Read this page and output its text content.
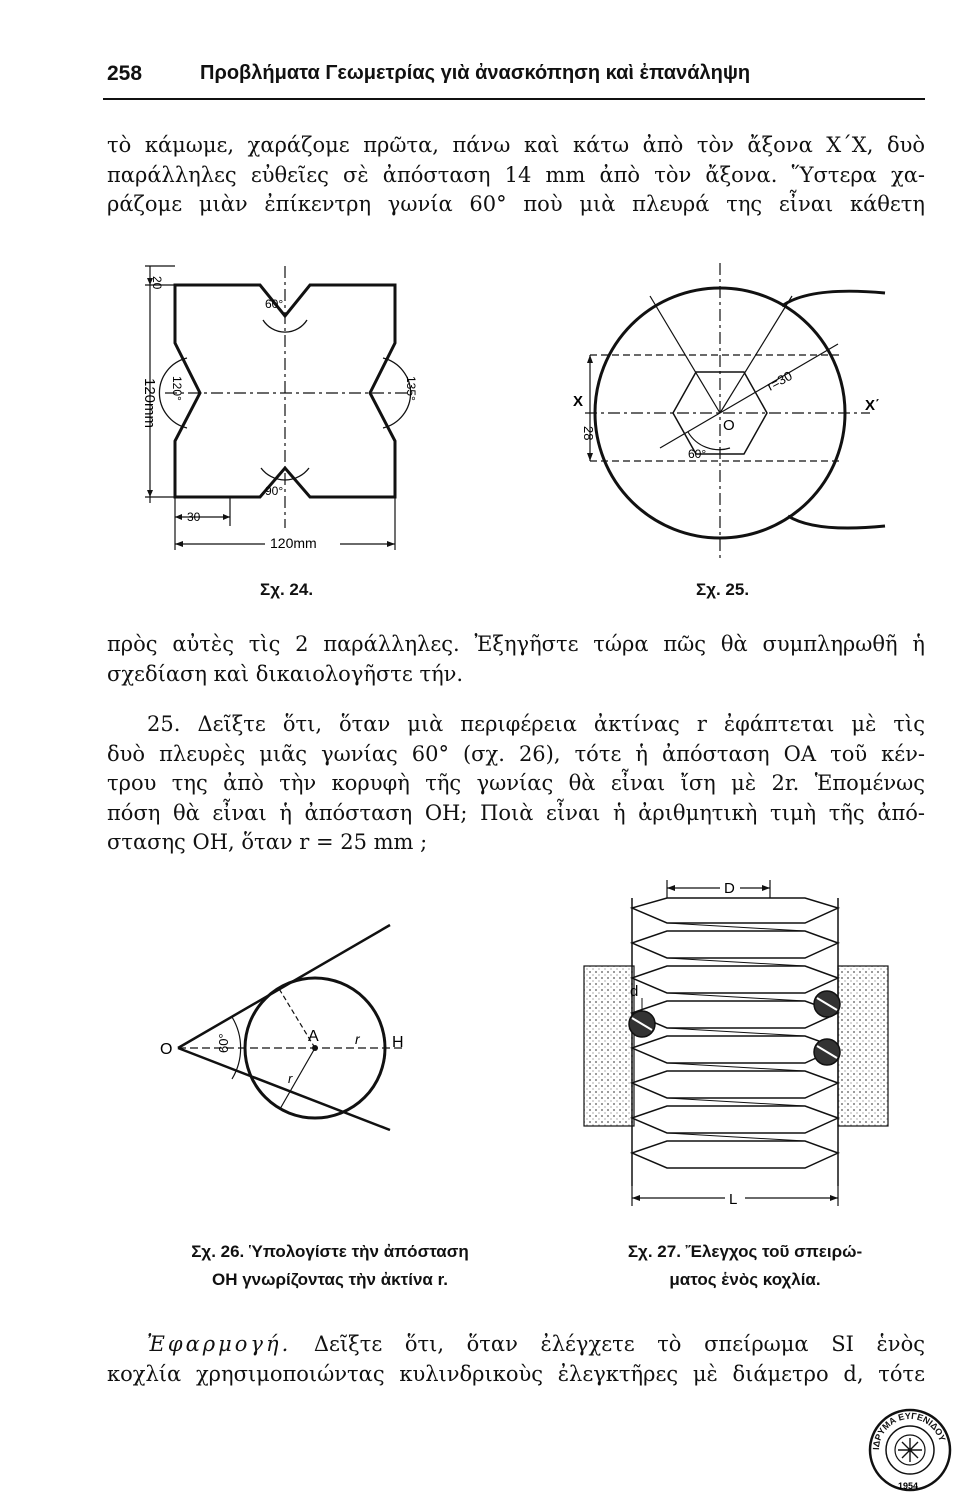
258	Προβλήματα Γεωμετρίας γιὰ ἀνασκόπηση καὶ ἐπανάληψη
τὸ κάμωμε, χαράζομε πρῶτα, πάνω καὶ κάτω ἀπὸ τὸν ἄξονα X΄X, δυὸ
παράλληλες εὐθεῖες σὲ ἀπόσταση 14 mm ἀπὸ τὸν ἄξονα. Ὕστερα χα-
ράζομε μιὰν ἐπίκεντρη γωνία 60° ποὺ μιὰ πλευρά της εἶναι κάθετη
20
120mm
60°
120°	135°
90°
30
120mm
Σχ. 24.
60°
r=30
O
X	X΄
28
Σχ. 25.
πρὸς αὐτὲς τὶς 2 παράλληλες. Ἐξηγῆστε τώρα πῶς θὰ συμπληρωθῆ ἡ
σχεδίαση καὶ δικαιολογῆστε τήν.
25. Δεῖξτε ὅτι, ὅταν μιὰ περιφέρεια ἀκτίνας r ἐφάπτεται μὲ τὶς
δυὸ πλευρὲς μιᾶς γωνίας 60° (σχ. 26), τότε ἡ ἀπόσταση OA τοῦ κέν-
τρου της ἀπὸ τὴν κορυφὴ τῆς γωνίας θὰ εἶναι ἴση μὲ 2r. Ἑπομένως
πόση θὰ εἶναι ἡ ἀπόσταση OH; Ποιὰ εἶναι ἡ ἀριθμητικὴ τιμὴ τῆς ἀπό-
στασης OH, ὅταν r = 25 mm ;
O
A	r H
60°
r
Σχ. 26. Ὑπολογίστε τὴν ἀπόσταση
ΟΗ γνωρίζοντας τὴν ἀκτίνα r.
D
d
L
Σχ. 27. Ἔλεγχος τοῦ σπειρώ-
ματος ἑνὸς κοχλία.
Ἐφαρμογή. Δεῖξτε ὅτι, ὅταν ἐλέγχετε τὸ σπείρωμα SI ἑνὸς
κοχλία χρησιμοποιώντας κυλινδρικοὺς ἐλεγκτῆρες μὲ διάμετρο d, τότε
ΙΔΡΥΜΑ ΕΥΓΕΝΙΔΟΥ
1954
